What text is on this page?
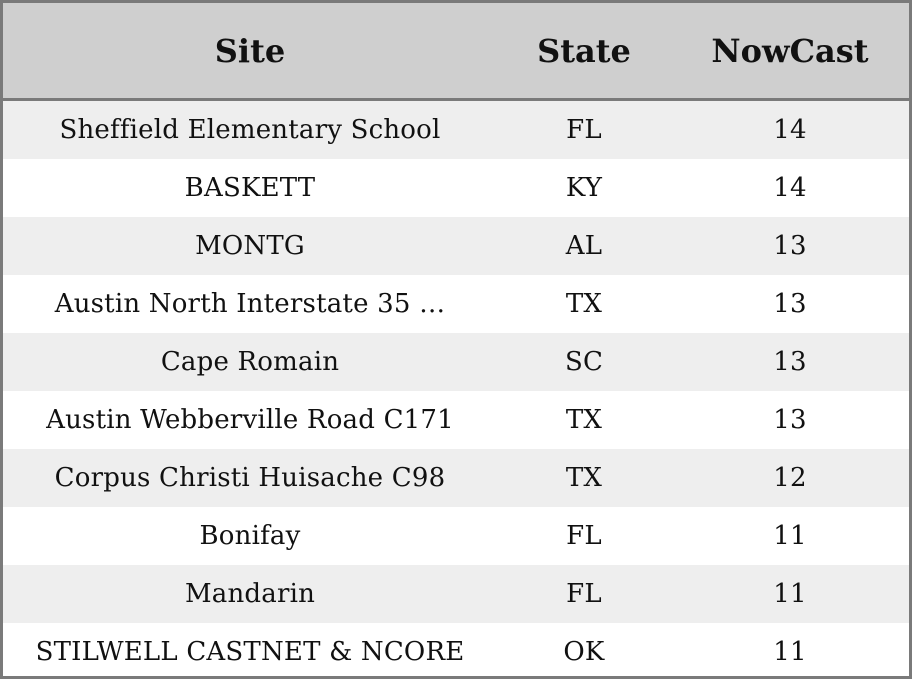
Site	State	NowCast
Sheffield Elementary School	FL	14
BASKETT	KY	14
MONTG	AL	13
Austin North Interstate 35 …	TX	13
Cape Romain	SC	13
Austin Webberville Road C171	TX	13
Corpus Christi Huisache C98	TX	12
Bonifay	FL	11
Mandarin	FL	11
STILWELL CASTNET & NCORE	OK	11
